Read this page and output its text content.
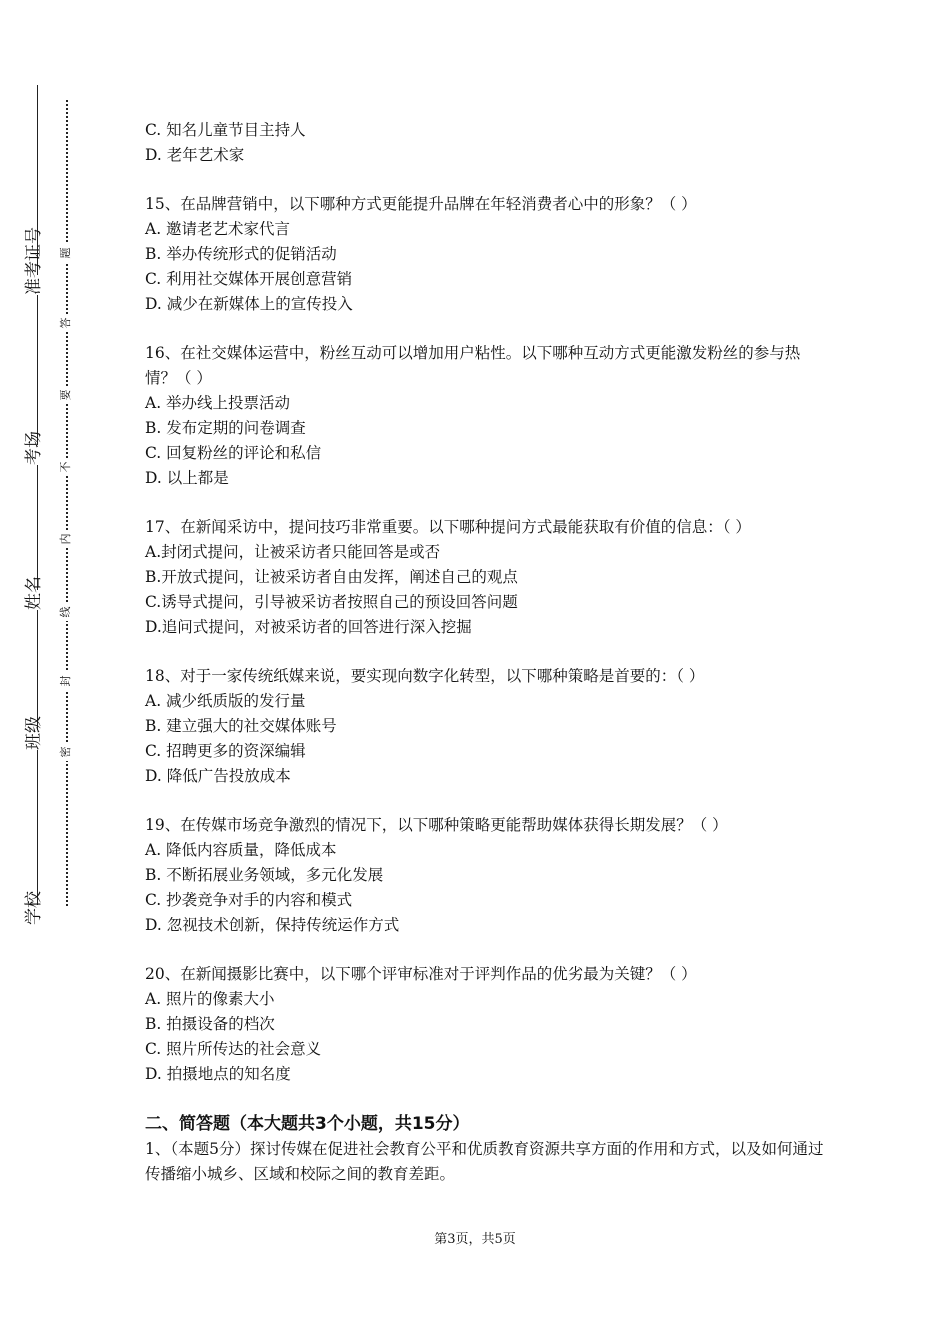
准考证号
考场
姓名
班级
学校
题
答
要
不
内
线
封
密
C. 知名儿童节目主持人
D. 老年艺术家
15、在品牌营销中，以下哪种方式更能提升品牌在年轻消费者心中的形象？（ ）
A. 邀请老艺术家代言
B. 举办传统形式的促销活动
C. 利用社交媒体开展创意营销
D. 减少在新媒体上的宣传投入
16、在社交媒体运营中，粉丝互动可以增加用户粘性。以下哪种互动方式更能激发粉丝的参与热情？（ ）
A. 举办线上投票活动
B. 发布定期的问卷调查
C. 回复粉丝的评论和私信
D. 以上都是
17、在新闻采访中，提问技巧非常重要。以下哪种提问方式最能获取有价值的信息：（ ）
A.封闭式提问，让被采访者只能回答是或否
B.开放式提问，让被采访者自由发挥，阐述自己的观点
C.诱导式提问，引导被采访者按照自己的预设回答问题
D.追问式提问，对被采访者的回答进行深入挖掘
18、对于一家传统纸媒来说，要实现向数字化转型，以下哪种策略是首要的：（ ）
A. 减少纸质版的发行量
B. 建立强大的社交媒体账号
C. 招聘更多的资深编辑
D. 降低广告投放成本
19、在传媒市场竞争激烈的情况下，以下哪种策略更能帮助媒体获得长期发展？（ ）
A. 降低内容质量，降低成本
B. 不断拓展业务领域，多元化发展
C. 抄袭竞争对手的内容和模式
D. 忽视技术创新，保持传统运作方式
20、在新闻摄影比赛中，以下哪个评审标准对于评判作品的优劣最为关键？（ ）
A. 照片的像素大小
B. 拍摄设备的档次
C. 照片所传达的社会意义
D. 拍摄地点的知名度
二、简答题（本大题共3个小题，共15分）
1、（本题5分）探讨传媒在促进社会教育公平和优质教育资源共享方面的作用和方式，以及如何通过传播缩小城乡、区域和校际之间的教育差距。
第3页，共5页
